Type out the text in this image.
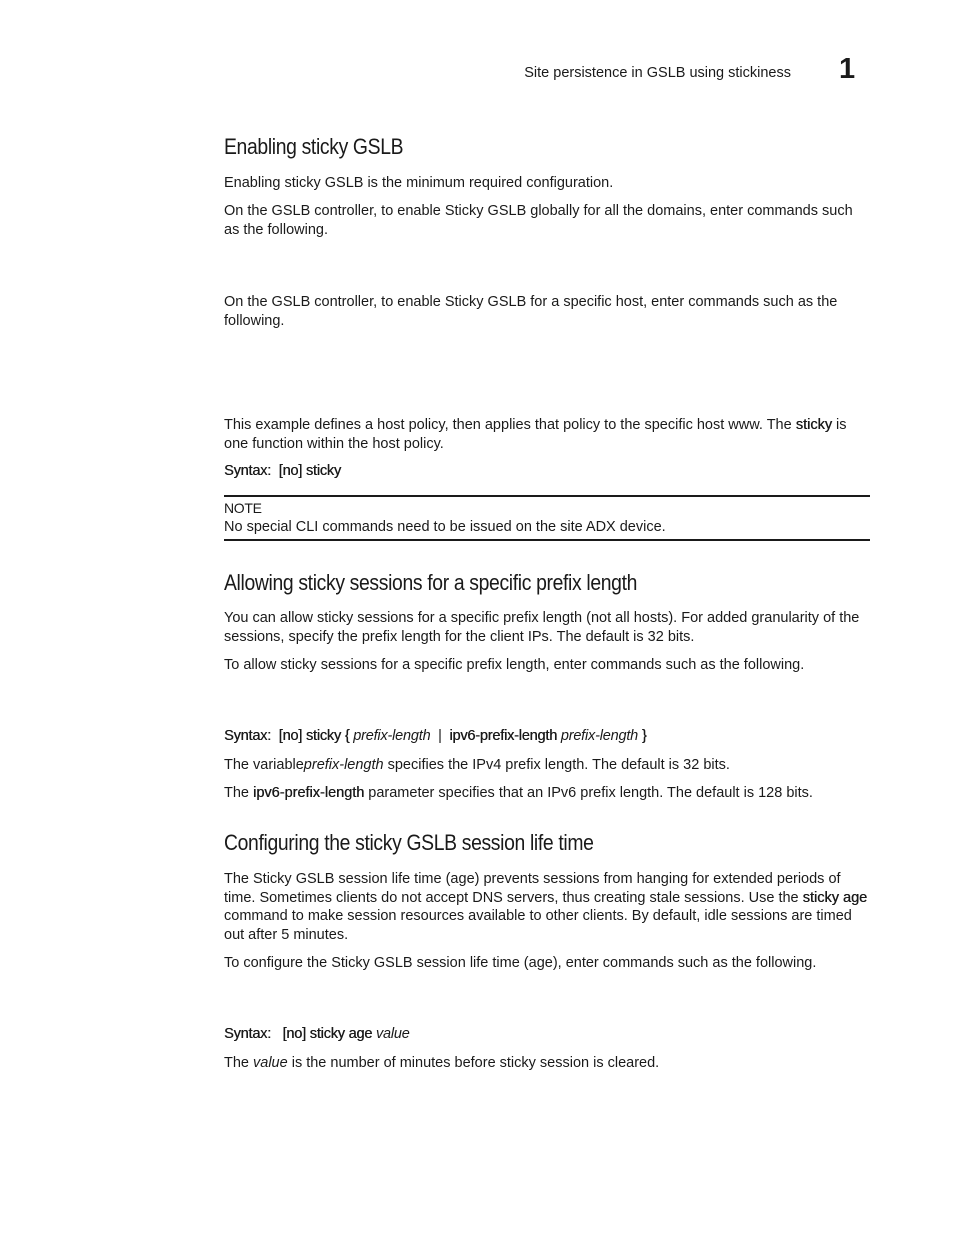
Site persistence in GSLB using stickiness 1
Enabling sticky GSLB
Enabling sticky GSLB is the minimum required configuration.
On the GSLB controller, to enable Sticky GSLB globally for all the domains, enter commands such as the following.
On the GSLB controller, to enable Sticky GSLB for a specific host, enter commands such as the following.
This example defines a host policy, then applies that policy to the specific host www. The sticky is one function within the host policy.
Syntax: [no] sticky
NOTE
No special CLI commands need to be issued on the site ADX device.
Allowing sticky sessions for a specific prefix length
You can allow sticky sessions for a specific prefix length (not all hosts). For added granularity of the sessions, specify the prefix length for the client IPs. The default is 32 bits.
To allow sticky sessions for a specific prefix length, enter commands such as the following.
Syntax: [no] sticky { prefix-length | ipv6-prefix-length prefix-length }
The variableprefix-length specifies the IPv4 prefix length. The default is 32 bits.
The ipv6-prefix-length parameter specifies that an IPv6 prefix length. The default is 128 bits.
Configuring the sticky GSLB session life time
The Sticky GSLB session life time (age) prevents sessions from hanging for extended periods of time. Sometimes clients do not accept DNS servers, thus creating stale sessions. Use the sticky age command to make session resources available to other clients. By default, idle sessions are timed out after 5 minutes.
To configure the Sticky GSLB session life time (age), enter commands such as the following.
Syntax: [no] sticky age value
The value is the number of minutes before sticky session is cleared.
